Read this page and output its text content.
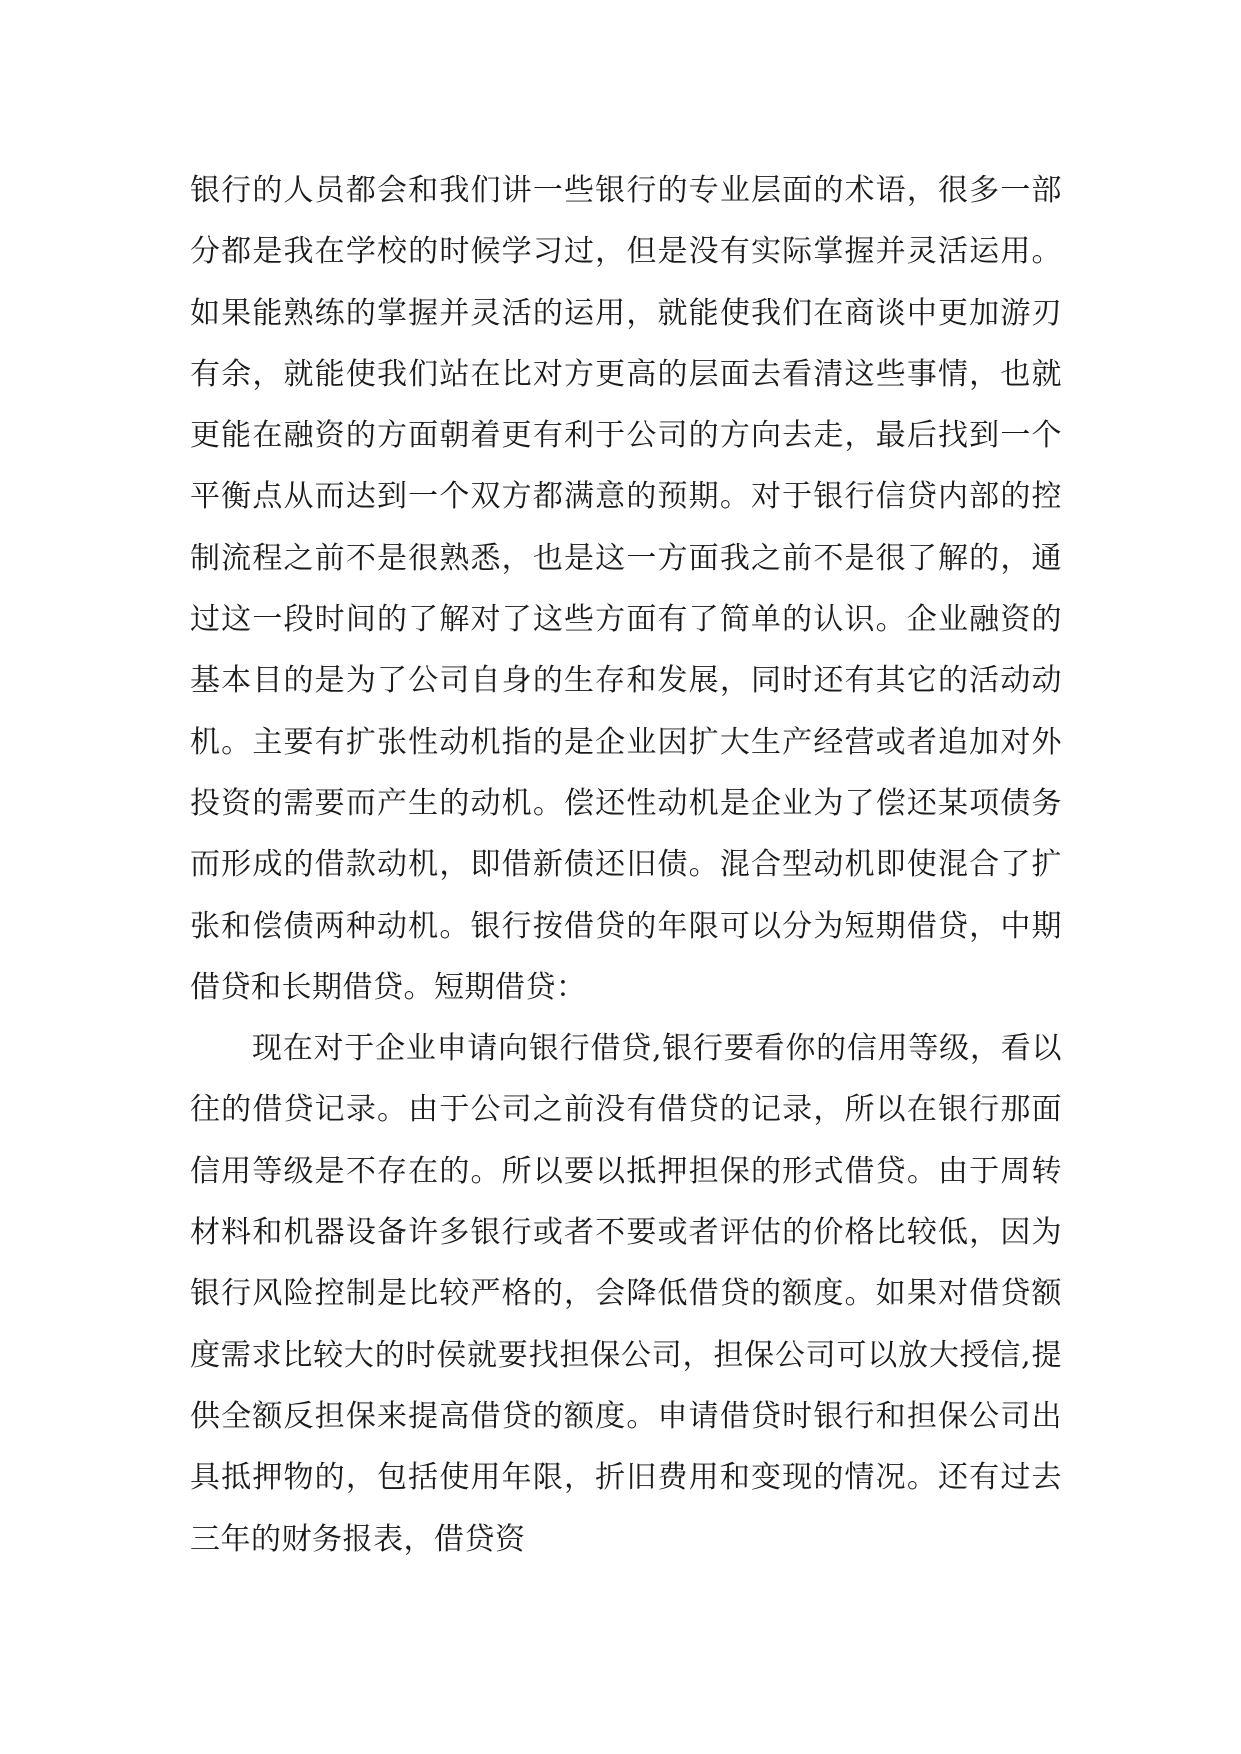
银行的人员都会和我们讲一些银行的专业层面的术语，很多一部分都是我在学校的时候学习过，但是没有实际掌握并灵活运用。如果能熟练的掌握并灵活的运用，就能使我们在商谈中更加游刃有余，就能使我们站在比对方更高的层面去看清这些事情，也就更能在融资的方面朝着更有利于公司的方向去走，最后找到一个平衡点从而达到一个双方都满意的预期。对于银行信贷内部的控制流程之前不是很熟悉，也是这一方面我之前不是很了解的，通过这一段时间的了解对了这些方面有了简单的认识。企业融资的基本目的是为了公司自身的生存和发展，同时还有其它的活动动机。主要有扩张性动机指的是企业因扩大生产经营或者追加对外投资的需要而产生的动机。偿还性动机是企业为了偿还某项债务而形成的借款动机，即借新债还旧债。混合型动机即使混合了扩张和偿债两种动机。银行按借贷的年限可以分为短期借贷，中期借贷和长期借贷。短期借贷：

现在对于企业申请向银行借贷,银行要看你的信用等级，看以往的借贷记录。由于公司之前没有借贷的记录，所以在银行那面信用等级是不存在的。所以要以抵押担保的形式借贷。由于周转材料和机器设备许多银行或者不要或者评估的价格比较低，因为银行风险控制是比较严格的，会降低借贷的额度。如果对借贷额度需求比较大的时侯就要找担保公司，担保公司可以放大授信,提供全额反担保来提高借贷的额度。申请借贷时银行和担保公司出具抵押物的，包括使用年限，折旧费用和变现的情况。还有过去三年的财务报表，借贷资
